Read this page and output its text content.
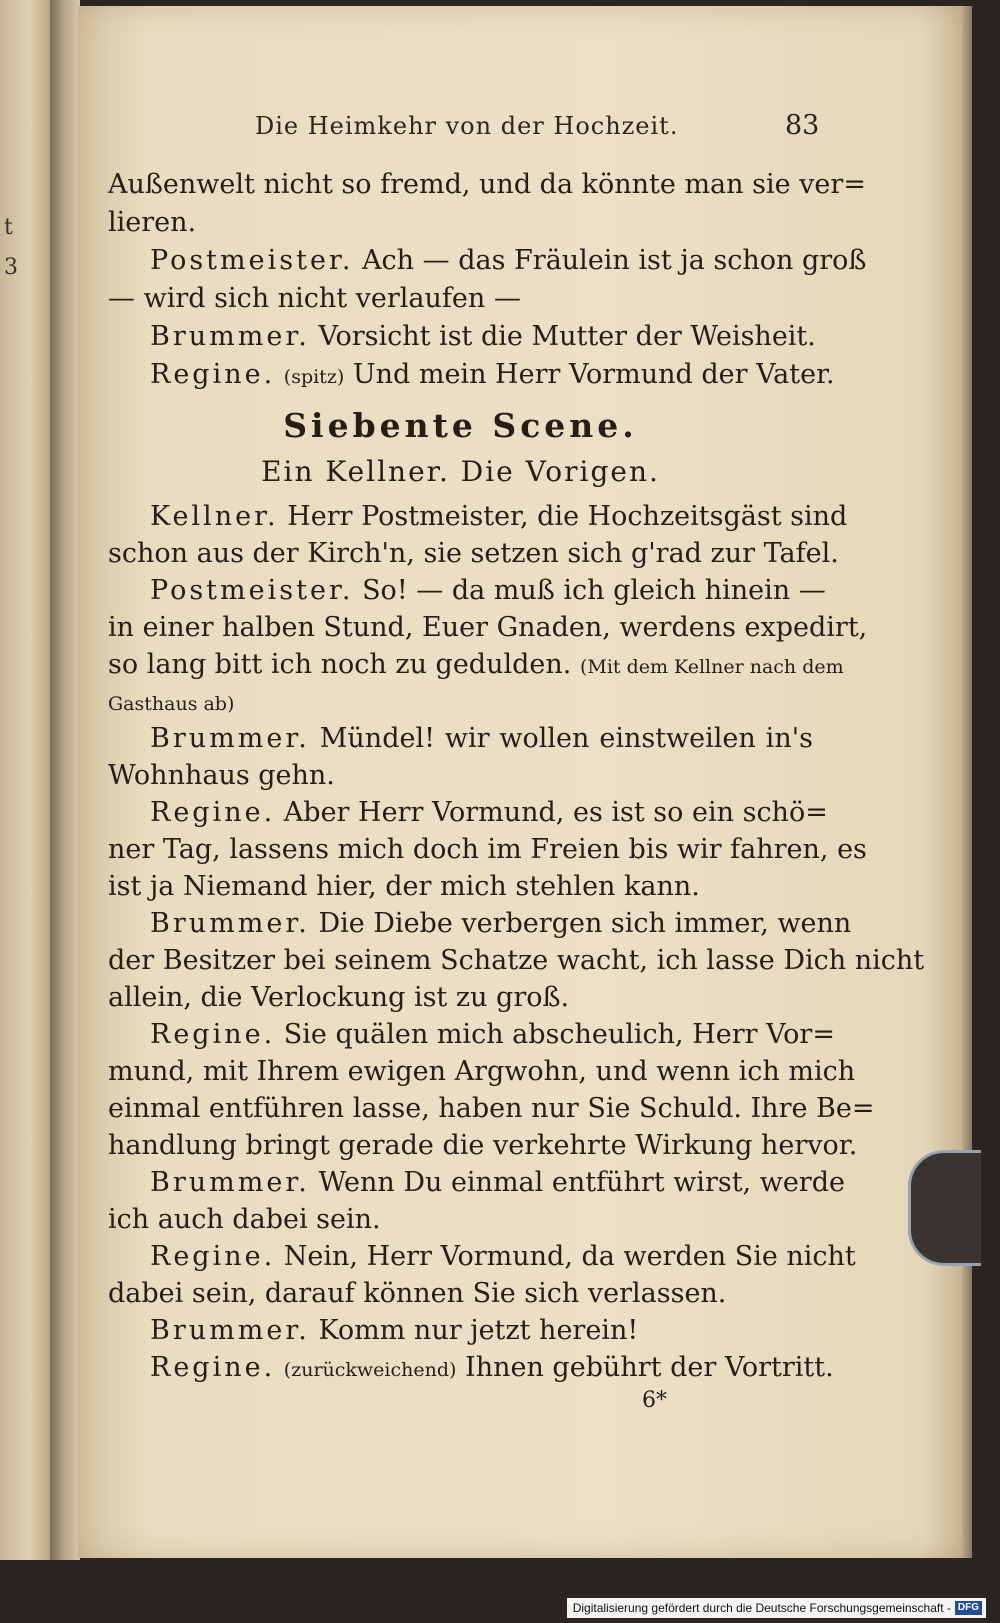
t
3
Die Heimkehr von der Hochzeit.	83
Außenwelt nicht so fremd, und da könnte man sie ver=
lieren.
Postmeister. Ach — das Fräulein ist ja schon groß
— wird sich nicht verlaufen —
Brummer. Vorsicht ist die Mutter der Weisheit.
Regine. (spitz) Und mein Herr Vormund der Vater.
Siebente Scene.
Ein Kellner. Die Vorigen.
Kellner. Herr Postmeister, die Hochzeitsgäst sind
schon aus der Kirch'n, sie setzen sich g'rad zur Tafel.
Postmeister. So! — da muß ich gleich hinein —
in einer halben Stund, Euer Gnaden, werdens expedirt,
so lang bitt ich noch zu gedulden. (Mit dem Kellner nach dem
Gasthaus ab)
Brummer. Mündel! wir wollen einstweilen in's
Wohnhaus gehn.
Regine. Aber Herr Vormund, es ist so ein schö=
ner Tag, lassens mich doch im Freien bis wir fahren, es
ist ja Niemand hier, der mich stehlen kann.
Brummer. Die Diebe verbergen sich immer, wenn
der Besitzer bei seinem Schatze wacht, ich lasse Dich nicht
allein, die Verlockung ist zu groß.
Regine. Sie quälen mich abscheulich, Herr Vor=
mund, mit Ihrem ewigen Argwohn, und wenn ich mich
einmal entführen lasse, haben nur Sie Schuld. Ihre Be=
handlung bringt gerade die verkehrte Wirkung hervor.
Brummer. Wenn Du einmal entführt wirst, werde
ich auch dabei sein.
Regine. Nein, Herr Vormund, da werden Sie nicht
dabei sein, darauf können Sie sich verlassen.
Brummer. Komm nur jetzt herein!
Regine. (zurückweichend) Ihnen gebührt der Vortritt.
6*
Digitalisierung gefördert durch die Deutsche Forschungsgemeinschaft - DFG
